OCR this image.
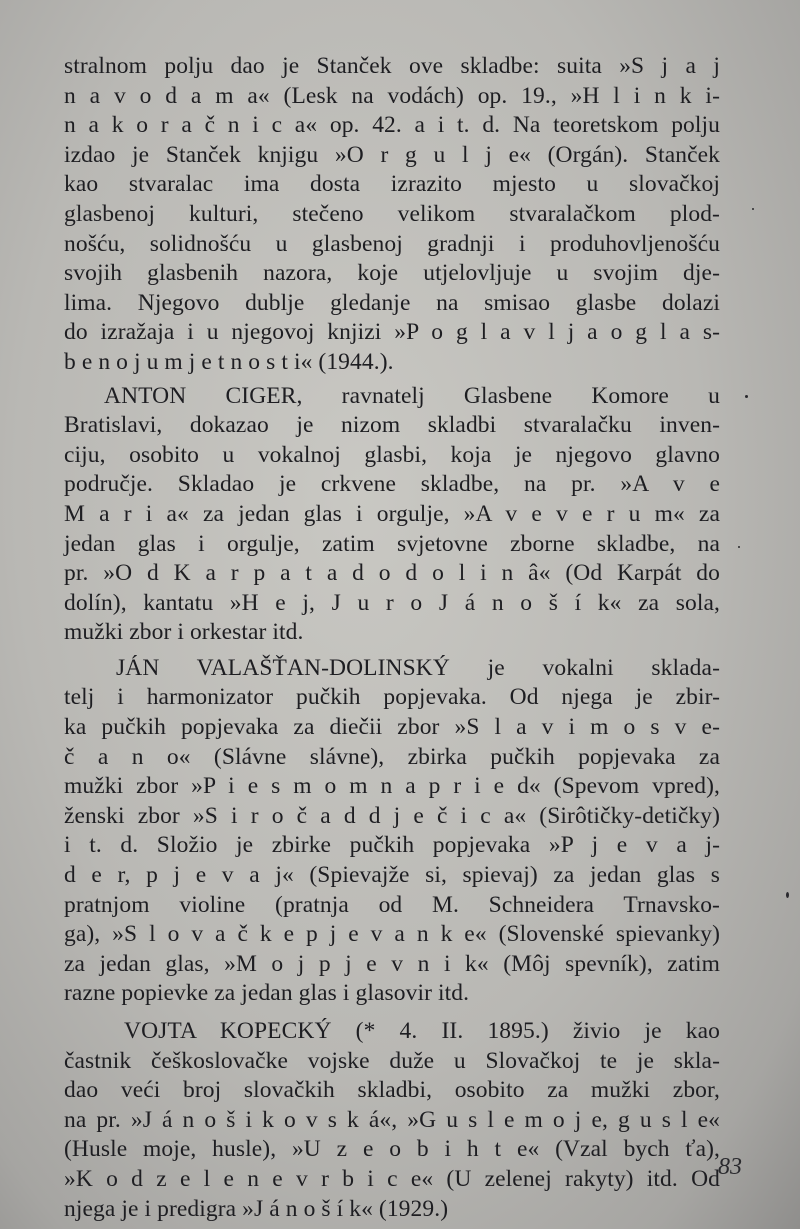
stralnom polju dao je Stanček ove skladbe: suita »S j a j
n a v o d a m a« (Lesk na vodách) op. 19., »H l i n k i-
n a k o r a č n i c a« op. 42. a i t. d. Na teoretskom polju
izdao je Stanček knjigu »O r g u l j e« (Orgán). Stanček
kao stvaralac ima dosta izrazito mjesto u slovačkoj
glasbenoj kulturi, stečeno velikom stvaralačkom plod-
nošću, solidnošću u glasbenoj gradnji i produhovljenošću
svojih glasbenih nazora, koje utjelovljuje u svojim dje-
lima. Njegovo dublje gledanje na smisao glasbe dolazi
do izražaja i u njegovoj knjizi »P o g l a v l j a o g l a s-
b e n o j u m j e t n o s t i« (1944.).
ANTON CIGER, ravnatelj Glasbene Komore u
Bratislavi, dokazao je nizom skladbi stvaralačku inven-
ciju, osobito u vokalnoj glasbi, koja je njegovo glavno
područje. Skladao je crkvene skladbe, na pr. »A v e
M a r i a« za jedan glas i orgulje, »A v e v e r u m« za
jedan glas i orgulje, zatim svjetovne zborne skladbe, na
pr. »O d K a r p a t a d o d o l i n â« (Od Karpát do
dolín), kantatu »H e j, J u r o J á n o š í k« za sola,
mužki zbor i orkestar itd.
JÁN VALAŠŤAN-DOLINSKÝ je vokalni sklada-
telj i harmonizator pučkih popjevaka. Od njega je zbir-
ka pučkih popjevaka za diečii zbor »S l a v i m o s v e-
č a n o« (Slávne slávne), zbirka pučkih popjevaka za
mužki zbor »P i e s m o m n a p r i e d« (Spevom vpred),
ženski zbor »S i r o č a d d j e č i c a« (Sirôtičky-detičky)
i t. d. Složio je zbirke pučkih popjevaka »P j e v a j-
d e r, p j e v a j« (Spievajže si, spievaj) za jedan glas s
pratnjom violine (pratnja od M. Schneidera Trnavsko-
ga), »S l o v a č k e p j e v a n k e« (Slovenské spievanky)
za jedan glas, »M o j p j e v n i k« (Môj spevník), zatim
razne popievke za jedan glas i glasovir itd.
VOJTA KOPECKÝ (* 4. II. 1895.) živio je kao
častnik češkoslovačke vojske duže u Slovačkoj te je skla-
dao veći broj slovačkih skladbi, osobito za mužki zbor,
na pr. »J á n o š i k o v s k á«, »G u s l e m o j e, g u s l e«
(Husle moje, husle), »U z e o b i h t e« (Vzal bych ťa),
»K o d z e l e n e v r b i c e« (U zelenej rakyty) itd. Od
njega je i predigra »J á n o š í k« (1929.)
83
